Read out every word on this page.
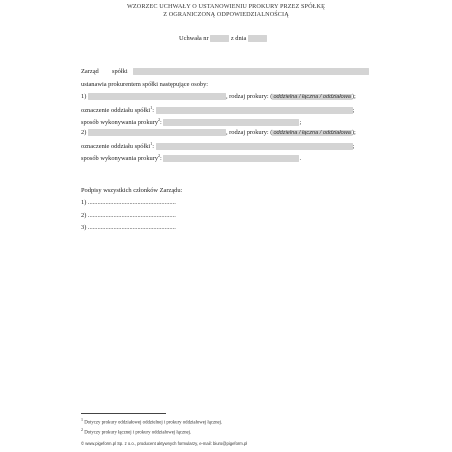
WZORZEC UCHWAŁY O USTANOWIENIU PROKURY PRZEZ SPÓŁKĘ
Z OGRANICZONĄ ODPOWIEDZIALNOŚCIĄ
Uchwała nr	z dnia
Zarząd spółki
ustanawia prokurentem spółki następujące osoby:
1)	, rodzaj prokury: (oddzielna / łączna / oddziałowa);
oznaczenie oddziału spółki$^1$:	;
sposób wykonywania prokury$^2$:	;
2)	, rodzaj prokury: (oddzielna / łączna / oddziałowa);
oznaczenie oddziału spółki$^1$:	;
sposób wykonywania prokury$^2$:	.
Podpisy wszystkich członków Zarządu:
1) .......................................................
2) .......................................................
3) .......................................................
$^1$ Dotyczy prokury oddziałowej oddzielnej i prokury oddziałowej łącznej.
$^2$ Dotyczy prokury łącznej i prokury oddziałowej łącznej.
© www.pigeform.pl Sp. z o.o., producent aktywnych formularzy, e-mail: biuro@pigeform.pl
